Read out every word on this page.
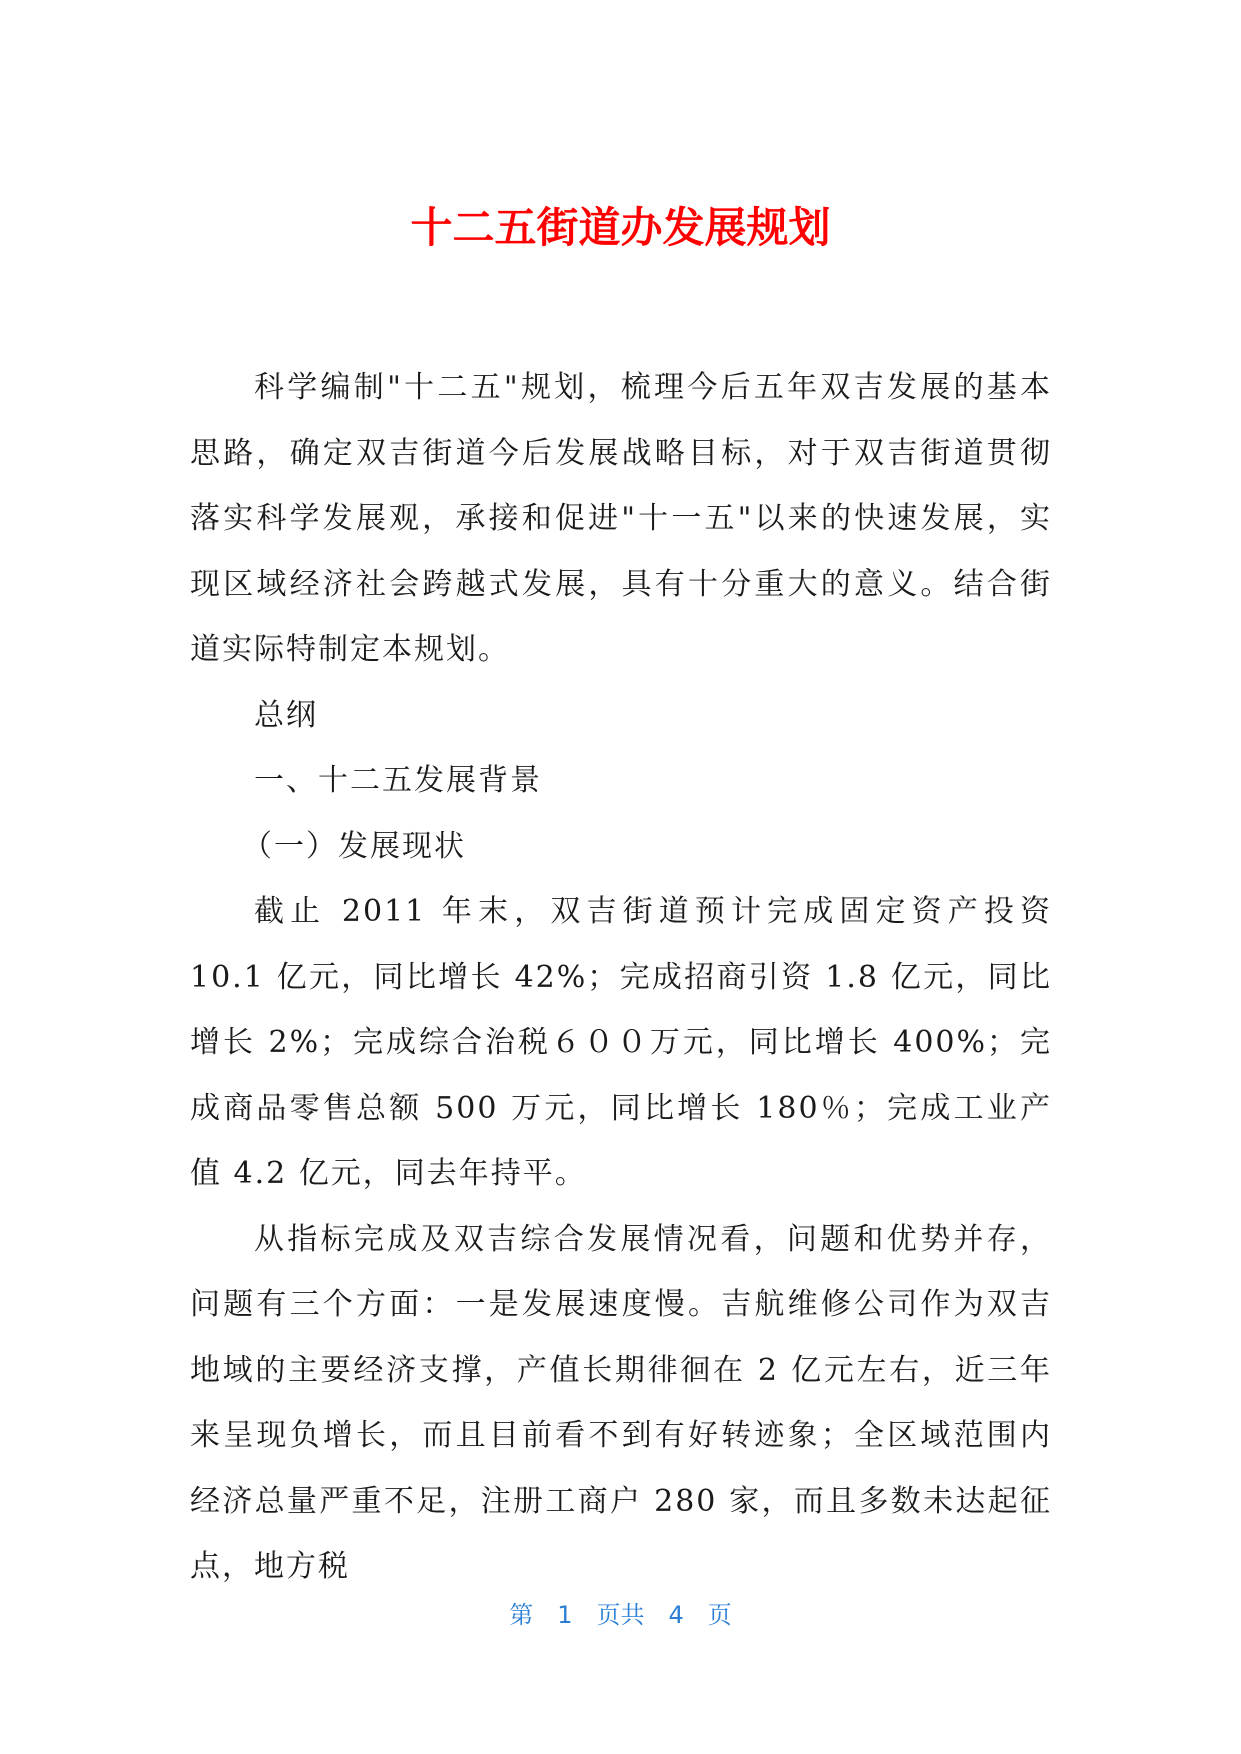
十二五街道办发展规划

科学编制"十二五"规划，梳理今后五年双吉发展的基本思路，确定双吉街道今后发展战略目标，对于双吉街道贯彻落实科学发展观，承接和促进"十一五"以来的快速发展，实现区域经济社会跨越式发展，具有十分重大的意义。结合街道实际特制定本规划。

总纲

一、十二五发展背景

（一）发展现状

截止 2011 年末，双吉街道预计完成固定资产投资 10.1 亿元，同比增长 42%；完成招商引资 1.8 亿元，同比增长 2%；完成综合治税６００万元，同比增长 400%；完成商品零售总额 500 万元，同比增长 180％；完成工业产值 4.2 亿元，同去年持平。

从指标完成及双吉综合发展情况看，问题和优势并存，问题有三个方面：一是发展速度慢。吉航维修公司作为双吉地域的主要经济支撑，产值长期徘徊在 2 亿元左右，近三年来呈现负增长，而且目前看不到有好转迹象；全区域范围内经济总量严重不足，注册工商户 280 家，而且多数未达起征点，地方税

第　1　页共　4　页
